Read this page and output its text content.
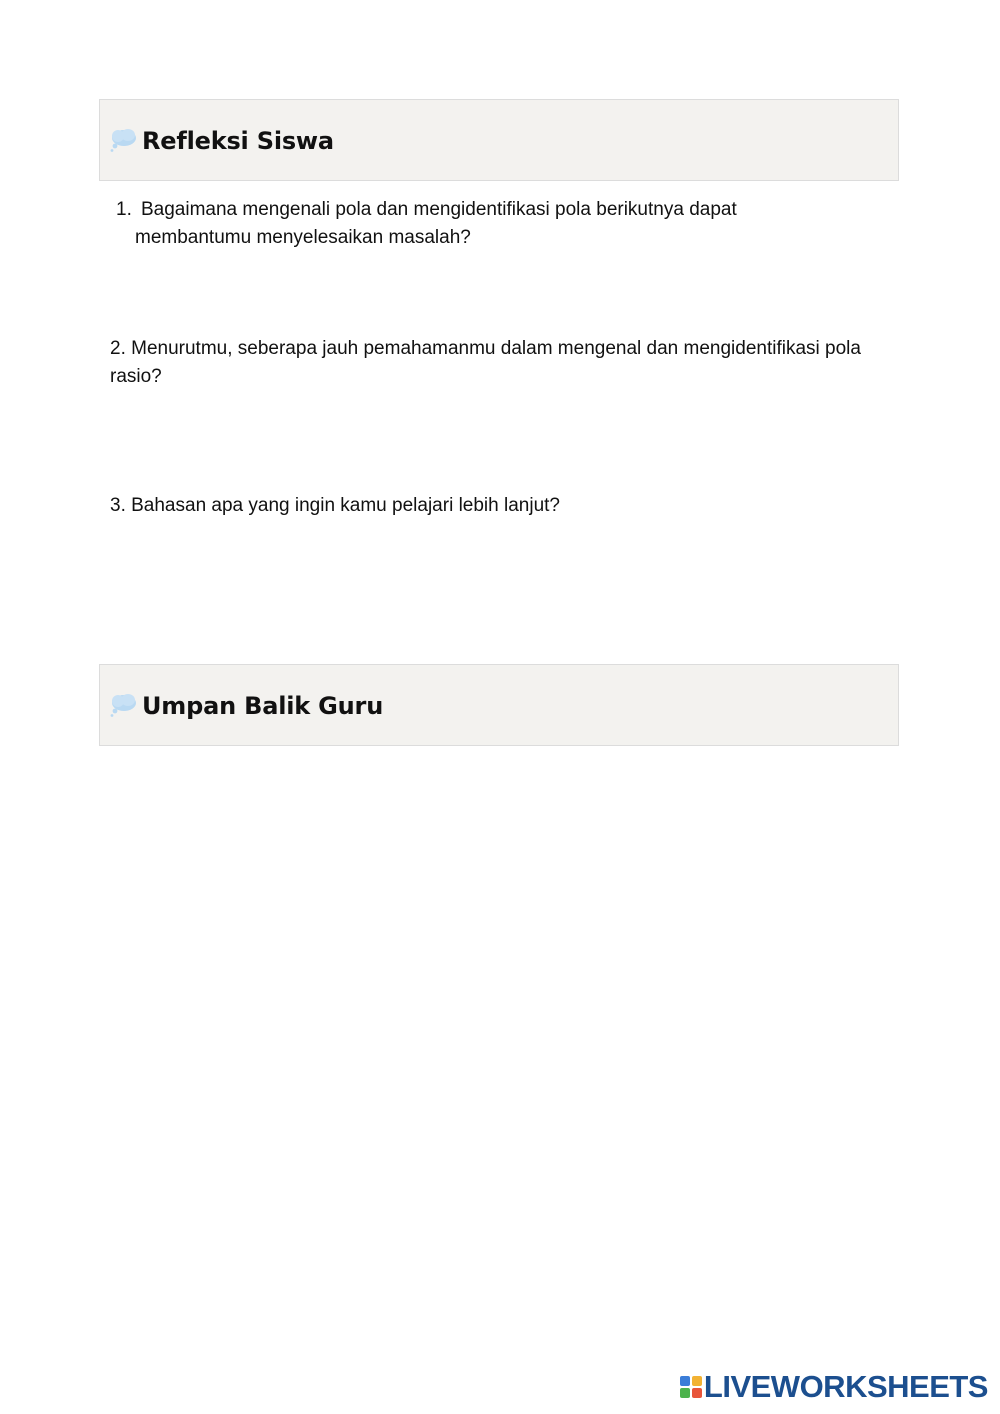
Refleksi Siswa
1. Bagaimana mengenali pola dan mengidentifikasi pola berikutnya dapat membantumu menyelesaikan masalah?
2. Menurutmu, seberapa jauh pemahamanmu dalam mengenal dan mengidentifikasi pola rasio?
3. Bahasan apa yang ingin kamu pelajari lebih lanjut?
Umpan Balik Guru
LIVEWORKSHEETS
